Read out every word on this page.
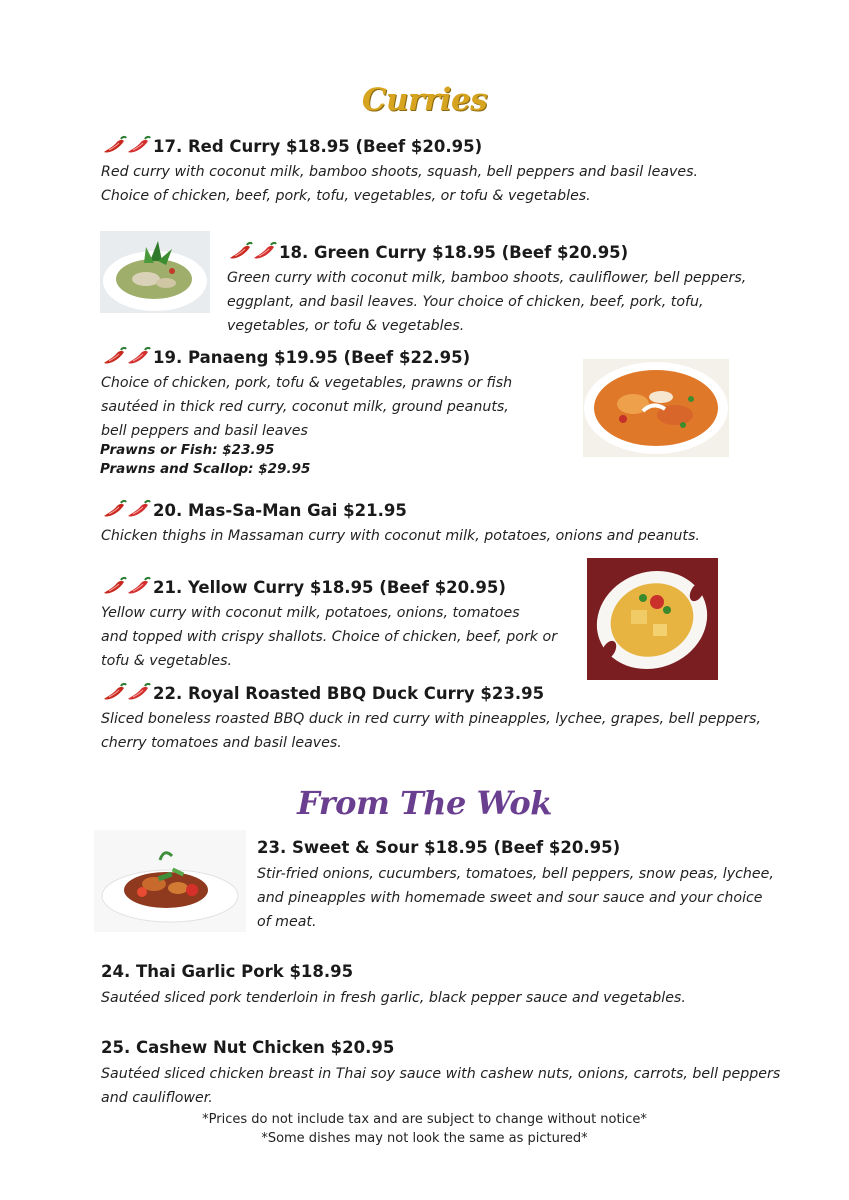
Curries
17. Red Curry $18.95 (Beef $20.95)
Red curry with coconut milk, bamboo shoots, squash, bell peppers and basil leaves.
Choice of chicken, beef, pork, tofu, vegetables, or tofu & vegetables.
18. Green Curry $18.95 (Beef $20.95)
Green curry with coconut milk, bamboo shoots, cauliflower, bell peppers,
eggplant, and basil leaves. Your choice of chicken, beef, pork, tofu,
vegetables, or tofu & vegetables.
19. Panaeng $19.95 (Beef $22.95)
Choice of chicken, pork, tofu & vegetables, prawns or fish
sautéed in thick red curry, coconut milk, ground peanuts,
bell peppers and basil leaves
Prawns or Fish: $23.95
Prawns and Scallop: $29.95
20. Mas-Sa-Man Gai $21.95
Chicken thighs in Massaman curry with coconut milk, potatoes, onions and peanuts.
21. Yellow Curry $18.95 (Beef $20.95)
Yellow curry with coconut milk, potatoes, onions, tomatoes
and topped with crispy shallots. Choice of chicken, beef, pork or
tofu & vegetables.
22. Royal Roasted BBQ Duck Curry $23.95
Sliced boneless roasted BBQ duck in red curry with pineapples, lychee, grapes, bell peppers,
cherry tomatoes and basil leaves.
From The Wok
23. Sweet & Sour $18.95 (Beef $20.95)
Stir-fried onions, cucumbers, tomatoes, bell peppers, snow peas, lychee,
and pineapples with homemade sweet and sour sauce and your choice
of meat.
24. Thai Garlic Pork $18.95
Sautéed sliced pork tenderloin in fresh garlic, black pepper sauce and vegetables.
25. Cashew Nut Chicken $20.95
Sautéed sliced chicken breast in Thai soy sauce with cashew nuts, onions, carrots, bell peppers
and cauliflower.
*Prices do not include tax and are subject to change without notice*
*Some dishes may not look the same as pictured*
